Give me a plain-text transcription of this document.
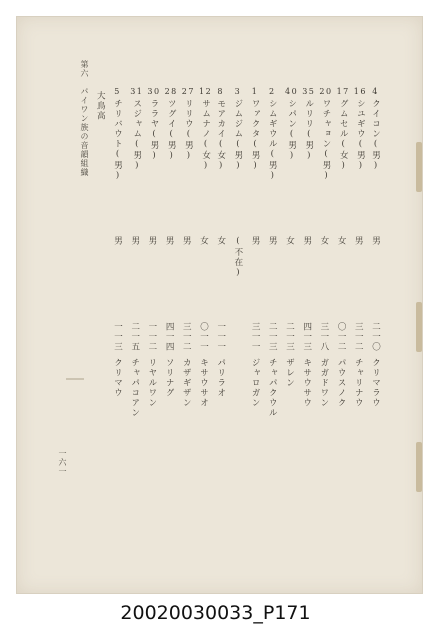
第六　パイワン族の音韻組織	4クイコン(男)
男
二一〇クリマラウ
16シユギウ(男)
男
三一二チャリナウ
17グムセル(女)
女
〇一二パウスノク
20ワチャョン(男)
女
三一八ガガドワン
35ルリリ(男)
男
四一三キサウサウ
40シパン(男)
女
二一三ザレン
2シムギウル(男)
男
二一三チャパクウル
1ワァクタ(男)
男
三一一ジャロガン
3ジムジム(男)
(不在)
8モアカイ(女)
女
一一一パリラオ
12サムナノ(女)
女
〇一一キサウサオ
27リリウ(男)
男
三一二カザギザン
28ツグイ(男)
男
四一四ソリナグ
30ララヤ(男)
男
一一二リヤルワン
31スジャム(男)
男
二一五チャパコアン
5チリバウト(男)
男
一一三クリマウ
大鳥高
一六一
20020030033_P171
